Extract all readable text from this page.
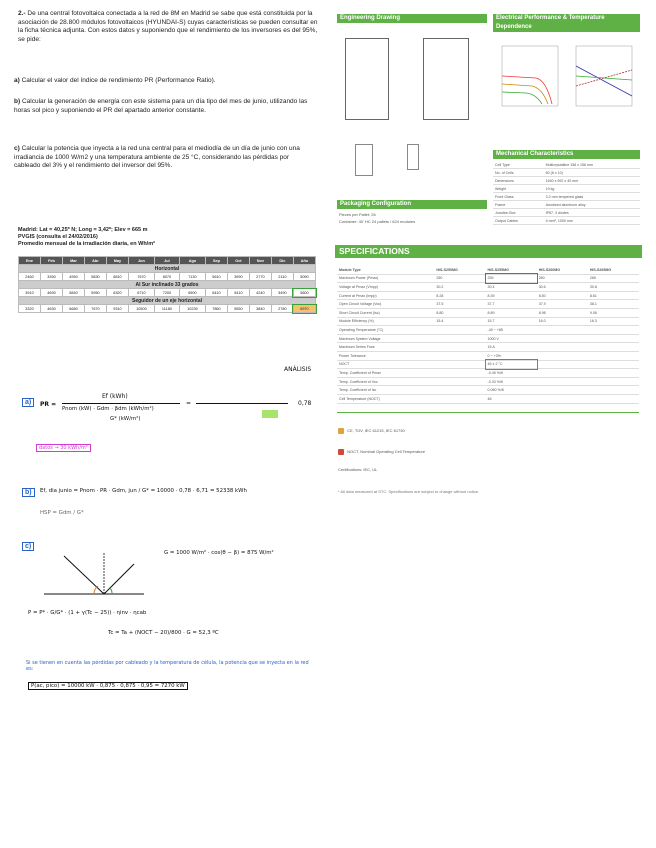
2.- De una central fotovoltaica conectada a la red de 8M en Madrid se sabe que está constituida por la asociación de 28.800 módulos fotovoltaicos (HYUNDAI-S) cuyas características se pueden consultar en la ficha técnica adjunta. Con estos datos y suponiendo que el rendimiento de los inversores es del 95%, se pide:
a) Calcular el valor del índice de rendimiento PR (Performance Ratio).
b) Calcular la generación de energía con este sistema para un día tipo del mes de junio, utilizando las horas sol pico y suponiendo el PR del apartado anterior constante.
c) Calcular la potencia que inyecta a la red una central para el mediodía de un día de junio con una irradiancia de 1000 W/m2 y una temperatura ambiente de 25 °C, considerando las pérdidas por cableado del 3% y el rendimiento del inversor del 95%.
Madrid: Lat = 40,25º N; Long = 3,42º; Elev = 665 m
PVGIS (consulta el 24/02/2016)
Promedio mensual de la irradiación diaria, en Wh/m²
Ene	Feb	Mar	Abr	May	Jun	Jul	Ago	Sep	Oct	Nov	Dic	Año
Horizontal												
2460	3390	4950	5830	6810	7670	8070	7130	5610	3990	2770	2110	5090
Al Sur inclinado 33 grados												
3910	4690	5840	5950	6320	6710	7200	6900	6410	5410	4240	3490	5600
Seguidor de un eje horizontal												
3320	4630	6680	7670	9310	10500	11180	10230	7860	5550	3840	2780	6970
ANÁLISIS
a)	PR =
Ef (kWh)
Pnom (kW) · Gdm · βdm (kWh/m²)
G* (kW/m²)
=	0,78
datos → 30 kWh/m²
b)	Ef, dia junio = Pnom · PR · Gdm, jun / G* = 10000 · 0,78 · 6,71 = 52338 kWh
HSP = Gdm / G*
c)
G = 1000 W/m² · cos(θ − β) = 875 W/m²
P = P* · G/G* · (1 + γ(Tc − 25)) · ηinv · ηcab
Tc = Ta + (NOCT − 20)/800 · G = 52,3 ºC
Si se tienen en cuenta las pérdidas por cableado y la temperatura de célula, la potencia que se inyecta en la red es:
P(ac, pico) = 10000 kW · 0,875 · 0,875 · 0,95 = 7270 kW
Engineering Drawing	Electrical Performance & Temperature Dependence
Mechanical Characteristics
Cell Type	Multicrystalline 156 x 156 mm
No. of Cells	60 (6 x 10)
Dimensions	1640 x 992 x 40 mm
Weight	19 kg
Front Glass	3.2 mm tempered glass
Frame	Anodized aluminum alloy
Junction Box	IP67, 3 diodes
Output Cables	4 mm², 1000 mm
Packaging Configuration
Pieces per Pallet: 26
Container: 40' HC 24 pallets / 624 modules
SPECIFICATIONS
Module Type	HiS-S250MG	HiS-S255MG	HiS-S260MG	HiS-S265MG
Maximum Power (Pmax)	250	255	260	265
Voltage at Pmax (Vmpp)	30.2	30.4	30.6	30.8
Current at Pmax (Impp)	8.28	8.39	8.50	8.61
Open Circuit Voltage (Voc)	37.5	37.7	37.9	38.1
Short Circuit Current (Isc)	8.80	8.89	8.98	9.06
Module Efficiency (%)	15.4	15.7	16.0	16.3
Operating Temperature (°C)		-40 ~ +85		
Maximum System Voltage		1000 V		
Maximum Series Fuse		15 A		
Power Tolerance		0 ~ +3%		
NOCT		46 ± 2 °C		
Temp. Coefficient of Pmax		-0.45 %/K		
Temp. Coefficient of Voc		-0.33 %/K		
Temp. Coefficient of Isc		0.060 %/K		
Cell Temperature (NOCT)		46		
CE, TÜV, IEC 61215, IEC 61730
NOCT, Nominal Operating Cell Temperature
Certifications: IEC, UL
* All data measured at STC. Specifications are subject to change without notice.
